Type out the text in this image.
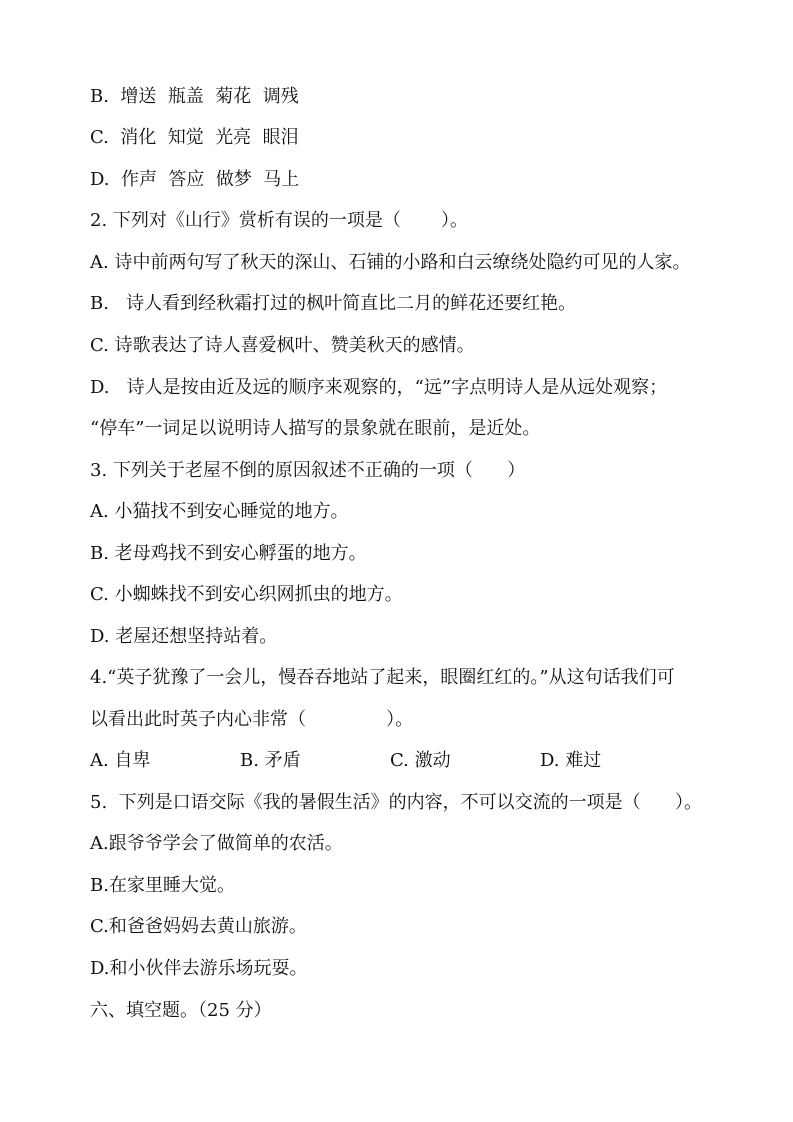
B.  增送  瓶盖  菊花  调残
C.  消化  知觉  光亮  眼泪
D.  作声  答应  做梦  马上
2. 下列对《山行》赏析有误的一项是（       ）。
A. 诗中前两句写了秋天的深山、石铺的小路和白云缭绕处隐约可见的人家。
B.   诗人看到经秋霜打过的枫叶简直比二月的鲜花还要红艳。
C. 诗歌表达了诗人喜爱枫叶、赞美秋天的感情。
D.   诗人是按由近及远的顺序来观察的，“远”字点明诗人是从远处观察；
“停车”一词足以说明诗人描写的景象就在眼前，是近处。
3. 下列关于老屋不倒的原因叙述不正确的一项（      ）
A. 小猫找不到安心睡觉的地方。
B. 老母鸡找不到安心孵蛋的地方。
C. 小蜘蛛找不到安心织网抓虫的地方。
D. 老屋还想坚持站着。
4.“英子犹豫了一会儿，慢吞吞地站了起来，眼圈红红的。”从这句话我们可
以看出此时英子内心非常（              ）。
A. 自卑	B. 矛盾	C. 激动	D. 难过
5.  下列是口语交际《我的暑假生活》的内容，不可以交流的一项是（      ）。
A.跟爷爷学会了做简单的农活。
B.在家里睡大觉。
C.和爸爸妈妈去黄山旅游。
D.和小伙伴去游乐场玩耍。
六、填空题。（25 分）
